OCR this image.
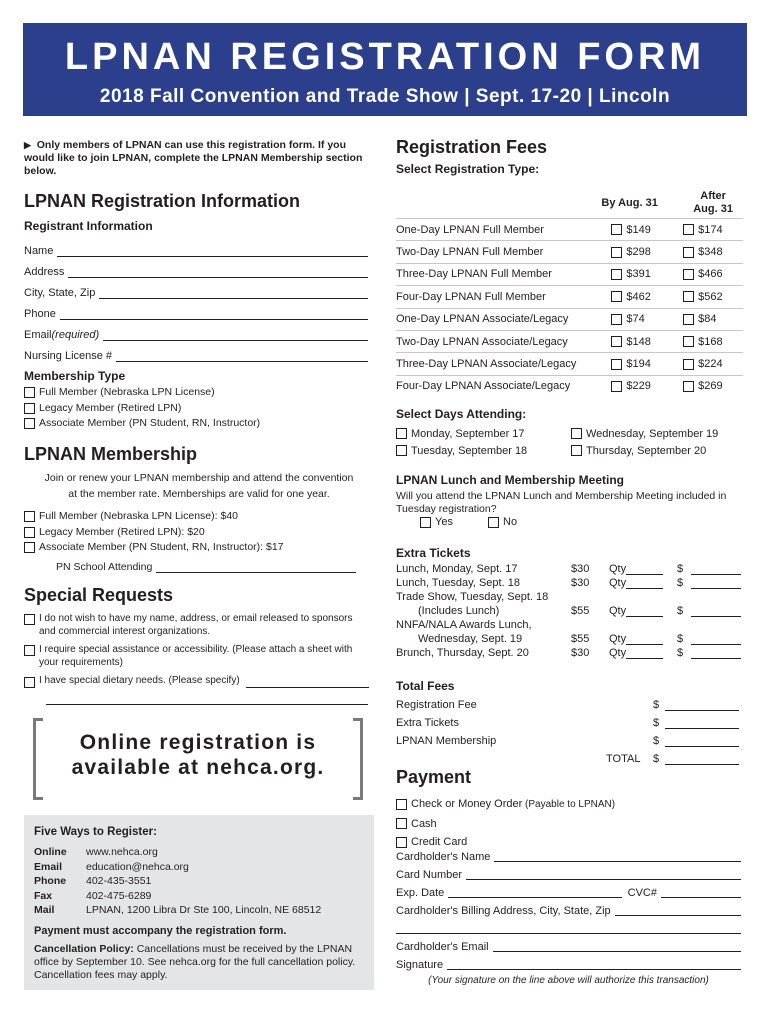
LPNAN REGISTRATION FORM
2018 Fall Convention and Trade Show | Sept. 17-20 | Lincoln
▶ Only members of LPNAN can use this registration form. If you would like to join LPNAN, complete the LPNAN Membership section below.
LPNAN Registration Information
Registrant Information
Name
Address
City, State, Zip
Phone
Email (required)
Nursing License #
Membership Type
Full Member (Nebraska LPN License)
Legacy Member (Retired LPN)
Associate Member (PN Student, RN, Instructor)
LPNAN Membership
Join or renew your LPNAN membership and attend the convention
at the member rate. Memberships are valid for one year.
Full Member (Nebraska LPN License): $40
Legacy Member (Retired LPN): $20
Associate Member (PN Student, RN, Instructor): $17
PN School Attending
Special Requests
I do not wish to have my name, address, or email released to sponsors and commercial interest organizations.
I require special assistance or accessibility. (Please attach a sheet with your requirements)
I have special dietary needs. (Please specify)
Online registration is
available at nehca.org.
Five Ways to Register:
Online	www.nehca.org
Email	education@nehca.org
Phone	402-435-3551
Fax	402-475-6289
Mail	LPNAN, 1200 Libra Dr Ste 100, Lincoln, NE 68512
Payment must accompany the registration form.
Cancellation Policy: Cancellations must be received by the LPNAN office by September 10. See nehca.org for the full cancellation policy. Cancellation fees may apply.
Registration Fees
Select Registration Type:
By Aug. 31
After
Aug. 31
One-Day LPNAN Full Member	$149	$174
Two-Day LPNAN Full Member	$298	$348
Three-Day LPNAN Full Member	$391	$466
Four-Day LPNAN Full Member	$462	$562
One-Day LPNAN Associate/Legacy	$74	$84
Two-Day LPNAN Associate/Legacy	$148	$168
Three-Day LPNAN Associate/Legacy	$194	$224
Four-Day LPNAN Associate/Legacy	$229	$269
Select Days Attending:
Monday, September 17	Wednesday, September 19
Tuesday, September 18	Thursday, September 20
LPNAN Lunch and Membership Meeting
Will you attend the LPNAN Lunch and Membership Meeting included in Tuesday registration?
Yes	No
Extra Tickets
Lunch, Monday, Sept. 17	$30	Qty	$
Lunch, Tuesday, Sept. 18	$30	Qty	$
Trade Show, Tuesday, Sept. 18
(Includes Lunch)	$55	Qty	$
NNFA/NALA Awards Lunch,
Wednesday, Sept. 19	$55	Qty	$
Brunch, Thursday, Sept. 20	$30	Qty	$
Total Fees
Registration Fee	$
Extra Tickets	$
LPNAN Membership	$
TOTAL	$
Payment
Check or Money Order (Payable to LPNAN)
Cash
Credit Card
Cardholder's Name
Card Number
Exp. Date	CVC#
Cardholder's Billing Address, City, State, Zip
Cardholder's Email
Signature
(Your signature on the line above will authorize this transaction)
